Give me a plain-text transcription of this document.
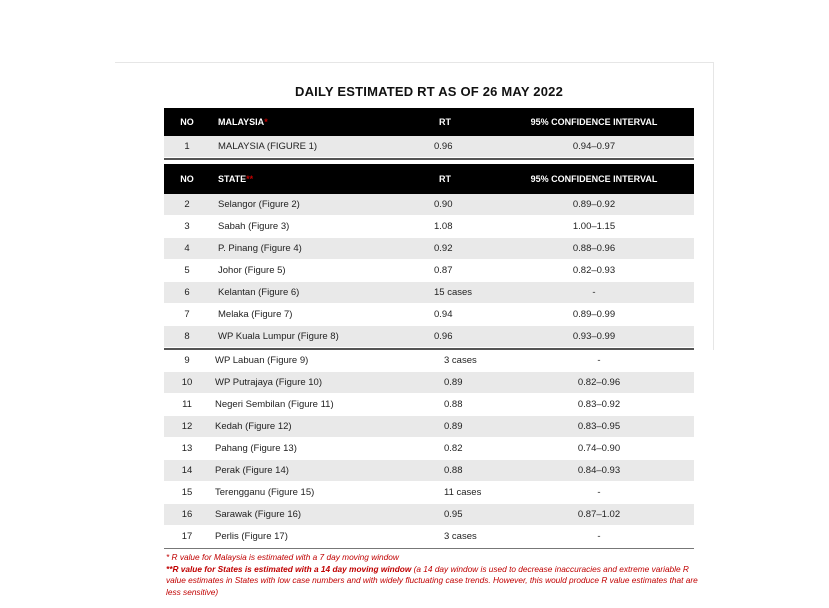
DAILY ESTIMATED RT AS OF 26 MAY 2022
NO	MALAYSIA*	RT	95% CONFIDENCE INTERVAL
1	MALAYSIA (FIGURE 1)	0.96	0.94–0.97
NO	STATE**	RT	95% CONFIDENCE INTERVAL
2	Selangor (Figure 2)	0.90	0.89–0.92
3	Sabah (Figure 3)	1.08	1.00–1.15
4	P. Pinang (Figure 4)	0.92	0.88–0.96
5	Johor (Figure 5)	0.87	0.82–0.93
6	Kelantan (Figure 6)	15 cases	-
7	Melaka (Figure 7)	0.94	0.89–0.99
8	WP Kuala Lumpur (Figure 8)	0.96	0.93–0.99
9	WP Labuan (Figure 9)	3 cases	-
10	WP Putrajaya (Figure 10)	0.89	0.82–0.96
11	Negeri Sembilan (Figure 11)	0.88	0.83–0.92
12	Kedah (Figure 12)	0.89	0.83–0.95
13	Pahang (Figure 13)	0.82	0.74–0.90
14	Perak (Figure 14)	0.88	0.84–0.93
15	Terengganu (Figure 15)	11 cases	-
16	Sarawak (Figure 16)	0.95	0.87–1.02
17	Perlis (Figure 17)	3 cases	-
* R value for Malaysia is estimated with a 7 day moving window
**R value for States is estimated with a 14 day moving window (a 14 day window is used to decrease inaccuracies and extreme variable R value estimates in States with low case numbers and with widely fluctuating case trends. However, this would produce R value estimates that are less sensitive)
